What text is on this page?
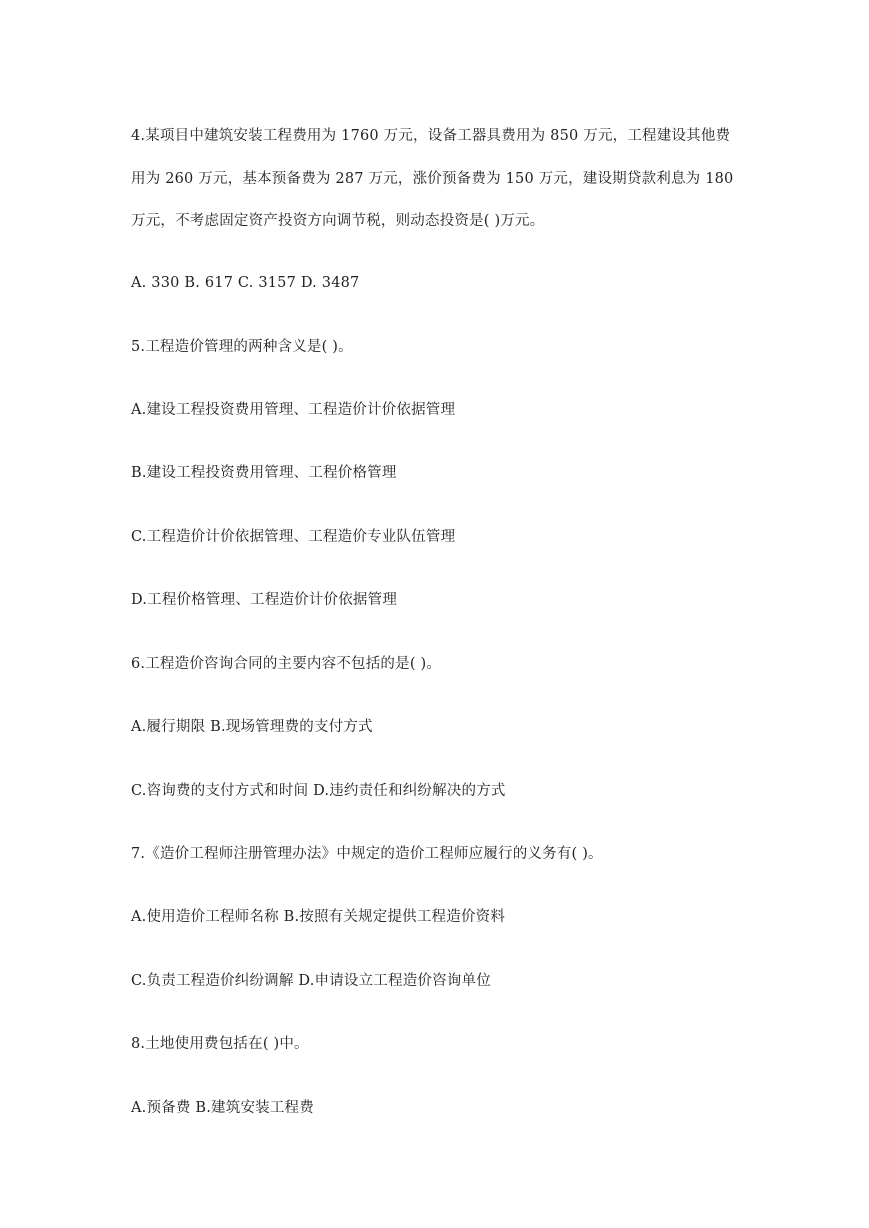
4.某项目中建筑安装工程费用为 1760 万元，设备工器具费用为 850 万元，工程建设其他费
用为 260 万元，基本预备费为 287 万元，涨价预备费为 150 万元，建设期贷款利息为 180
万元，不考虑固定资产投资方向调节税，则动态投资是( )万元。
A. 330 B. 617 C. 3157 D. 3487
5.工程造价管理的两种含义是( )。
A.建设工程投资费用管理、工程造价计价依据管理
B.建设工程投资费用管理、工程价格管理
C.工程造价计价依据管理、工程造价专业队伍管理
D.工程价格管理、工程造价计价依据管理
6.工程造价咨询合同的主要内容不包括的是( )。
A.履行期限 B.现场管理费的支付方式
C.咨询费的支付方式和时间 D.违约责任和纠纷解决的方式
7.《造价工程师注册管理办法》中规定的造价工程师应履行的义务有( )。
A.使用造价工程师名称 B.按照有关规定提供工程造价资料
C.负责工程造价纠纷调解 D.申请设立工程造价咨询单位
8.土地使用费包括在( )中。
A.预备费 B.建筑安装工程费
